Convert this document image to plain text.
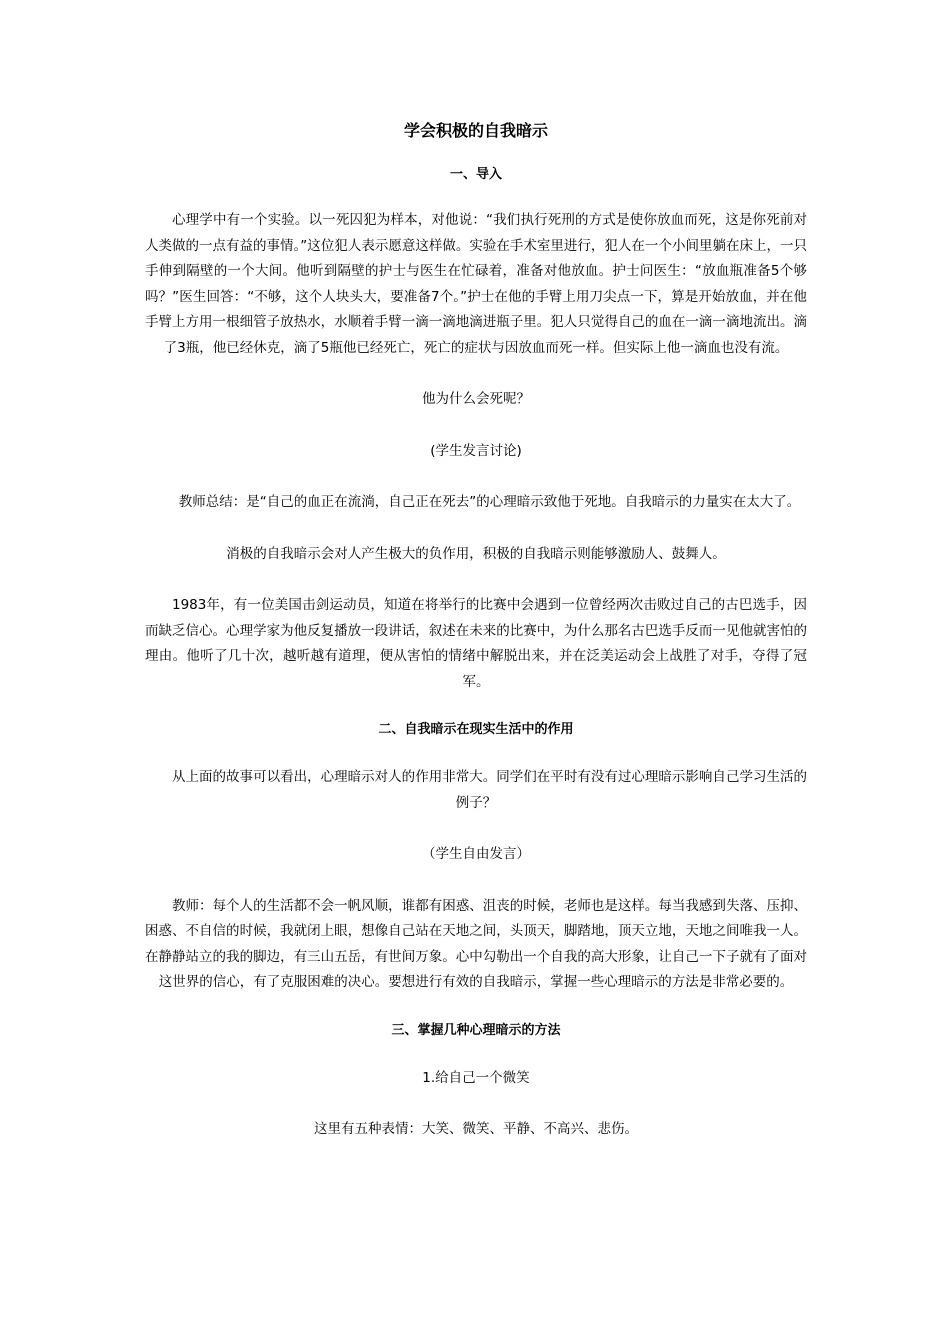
学会积极的自我暗示
一、导入

心理学中有一个实验。以一死囚犯为样本，对他说：“我们执行死刑的方式是使你放血而死，这是你死前对人类做的一点有益的事情。”这位犯人表示愿意这样做。实验在手术室里进行，犯人在一个小间里躺在床上，一只手伸到隔壁的一个大间。他听到隔壁的护士与医生在忙碌着，准备对他放血。护士问医生：“放血瓶准备5个够吗？”医生回答：“不够，这个人块头大，要准备7个。”护士在他的手臂上用刀尖点一下，算是开始放血，并在他手臂上方用一根细管子放热水，水顺着手臂一滴一滴地滴进瓶子里。犯人只觉得自己的血在一滴一滴地流出。滴了3瓶，他已经休克，滴了5瓶他已经死亡，死亡的症状与因放血而死一样。但实际上他一滴血也没有流。

他为什么会死呢？

(学生发言讨论)

教师总结：是“自己的血正在流淌，自己正在死去”的心理暗示致他于死地。自我暗示的力量实在太大了。

消极的自我暗示会对人产生极大的负作用，积极的自我暗示则能够激励人、鼓舞人。

1983年，有一位美国击剑运动员，知道在将举行的比赛中会遇到一位曾经两次击败过自己的古巴选手，因而缺乏信心。心理学家为他反复播放一段讲话，叙述在未来的比赛中，为什么那名古巴选手反而一见他就害怕的理由。他听了几十次，越听越有道理，便从害怕的情绪中解脱出来，并在泛美运动会上战胜了对手，夺得了冠军。

二、自我暗示在现实生活中的作用

从上面的故事可以看出，心理暗示对人的作用非常大。同学们在平时有没有过心理暗示影响自己学习生活的例子？

（学生自由发言）

教师：每个人的生活都不会一帆风顺，谁都有困惑、沮丧的时候，老师也是这样。每当我感到失落、压抑、困惑、不自信的时候，我就闭上眼，想像自己站在天地之间，头顶天，脚踏地，顶天立地，天地之间唯我一人。在静静站立的我的脚边，有三山五岳，有世间万象。心中勾勒出一个自我的高大形象，让自己一下子就有了面对这世界的信心，有了克服困难的决心。要想进行有效的自我暗示，掌握一些心理暗示的方法是非常必要的。

三、掌握几种心理暗示的方法

1.给自己一个微笑

这里有五种表情：大笑、微笑、平静、不高兴、悲伤。
